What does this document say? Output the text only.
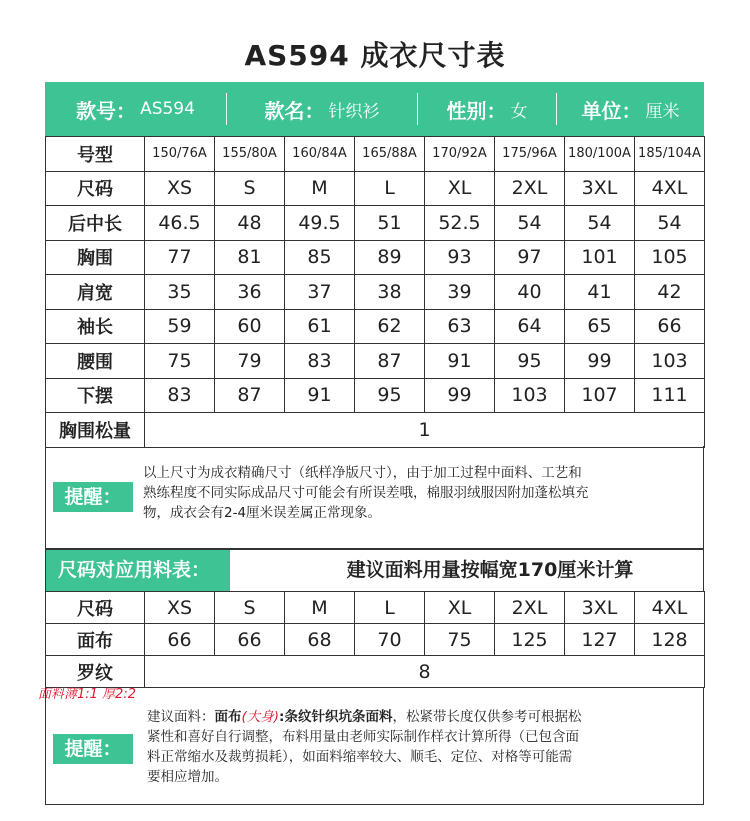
AS594 成衣尺寸表
款号： AS594	款名： 针织衫	性别： 女	单位： 厘米
号型	150/76A	155/80A	160/84A	165/88A	170/92A	175/96A	180/100A	185/104A
尺码	XS	S	M	L	XL	2XL	3XL	4XL
后中长	46.5	48	49.5	51	52.5	54	54	54
胸围	77	81	85	89	93	97	101	105
肩宽	35	36	37	38	39	40	41	42
袖长	59	60	61	62	63	64	65	66
腰围	75	79	83	87	91	95	99	103
下摆	83	87	91	95	99	103	107	111
胸围松量	1							
提醒：
以上尺寸为成衣精确尺寸（纸样净版尺寸），由于加工过程中面料、工艺和
熟练程度不同实际成品尺寸可能会有所误差哦，棉服羽绒服因附加蓬松填充
物，成衣会有2-4厘米误差属正常现象。
尺码对应用料表：	建议面料用量按幅宽170厘米计算
尺码	XS	S	M	L	XL	2XL	3XL	4XL
面布	66	66	68	70	75	125	127	128
罗纹	8							
面料薄1:1 厚2:2
提醒：
建议面料：面布(大身):条纹针织坑条面料，松紧带长度仅供参考可根据松
紧性和喜好自行调整，布料用量由老师实际制作样衣计算所得（已包含面
料正常缩水及裁剪损耗），如面料缩率较大、顺毛、定位、对格等可能需
要相应增加。
